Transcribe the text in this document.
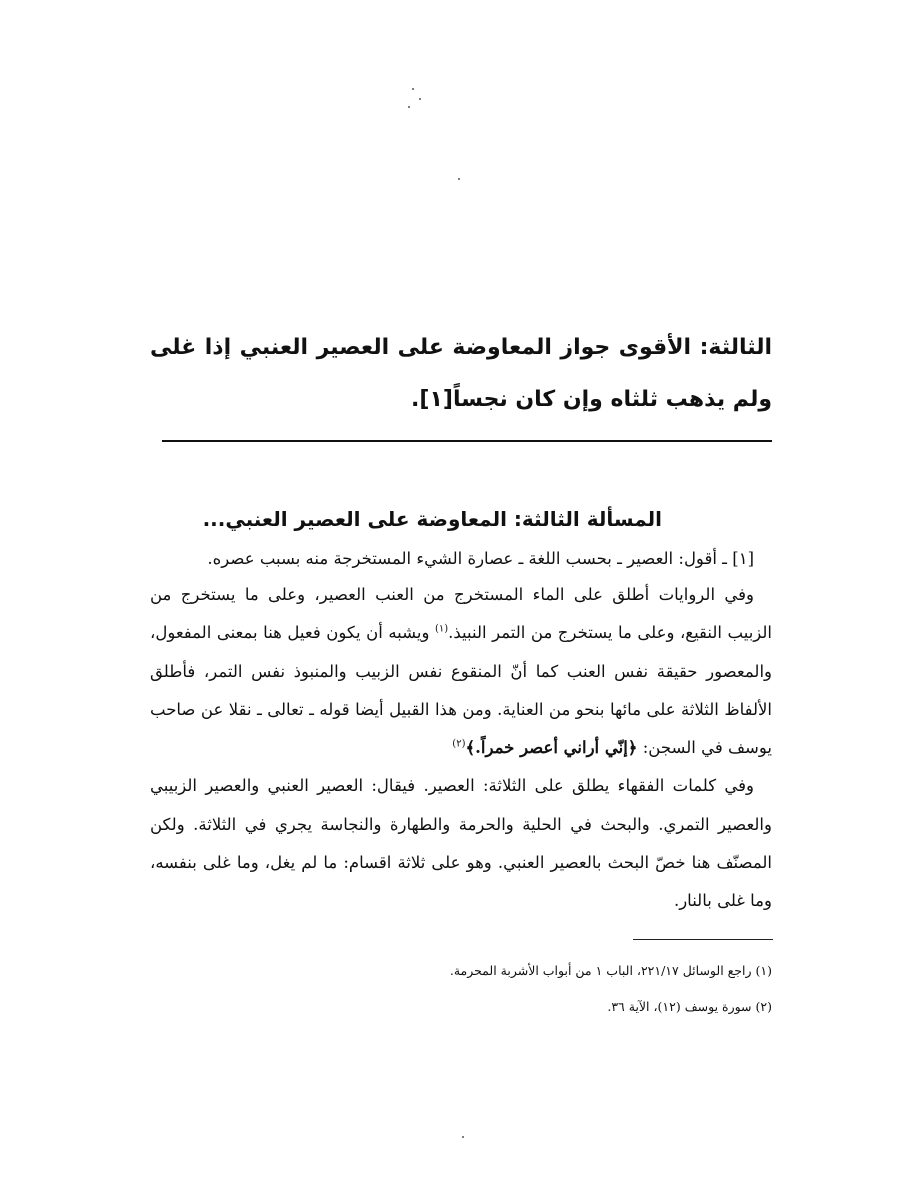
الثالثة: الأقوى جواز المعاوضة على العصير العنبي إذا غلى ولم يذهب ثلثاه وإن كان نجساً[١].
المسألة الثالثة: المعاوضة على العصير العنبي...

[١] ـ أقول: العصير ـ بحسب اللغة ـ عصارة الشيء المستخرجة منه بسبب عصره.

وفي الروايات أطلق على الماء المستخرج من العنب العصير، وعلى ما يستخرج من الزبيب النقيع، وعلى ما يستخرج من التمر النبيذ.$^{(١)}$ ويشبه أن يكون فعيل هنا بمعنى المفعول، والمعصور حقيقة نفس العنب كما أنّ المنقوع نفس الزبيب والمنبوذ نفس التمر، فأطلق الألفاظ الثلاثة على مائها بنحو من العناية. ومن هذا القبيل أيضا قوله ـ تعالى ـ نقلا عن صاحب يوسف في السجن: ﴿إنّي أراني أعصر خمراً.﴾$^{(٢)}$

وفي كلمات الفقهاء يطلق على الثلاثة: العصير. فيقال: العصير العنبي والعصير الزبيبي والعصير التمري. والبحث في الحلية والحرمة والطهارة والنجاسة يجري في الثلاثة. ولكن المصنّف هنا خصّ البحث بالعصير العنبي. وهو على ثلاثة اقسام: ما لم يغل، وما غلى بنفسه، وما غلى بالنار.

(١) راجع الوسائل ٢٢١/١٧، الباب ١ من أبواب الأشربة المحرمة.
(٢) سورة يوسف (١٢)، الآية ٣٦.
